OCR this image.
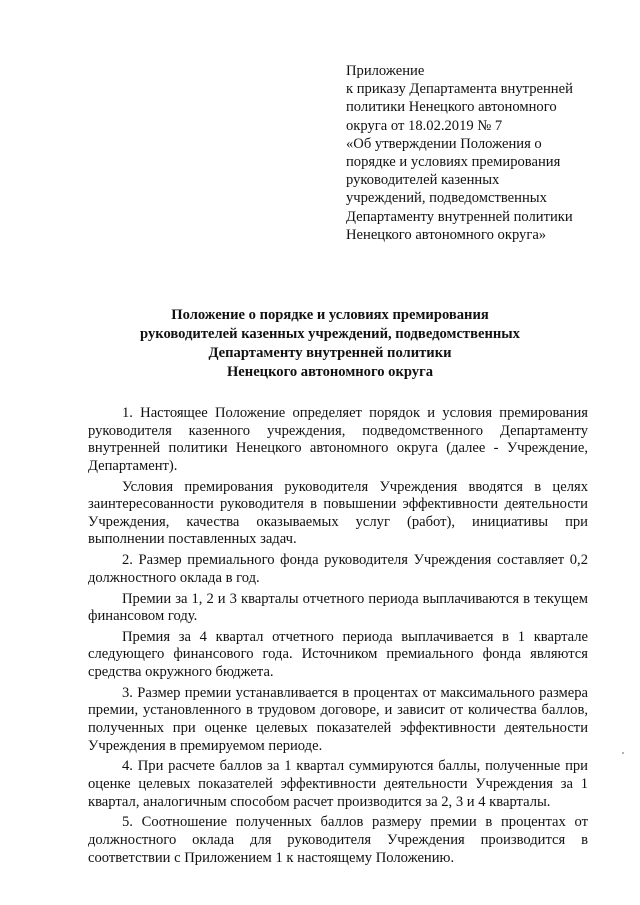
Приложение
к приказу Департамента внутренней
политики Ненецкого автономного
округа от 18.02.2019 № 7
«Об утверждении Положения о
порядке и условиях премирования
руководителей казенных
учреждений, подведомственных
Департаменту внутренней политики
Ненецкого автономного округа»
Положение о порядке и условиях премирования
руководителей казенных учреждений, подведомственных
Департаменту внутренней политики
Ненецкого автономного округа

1. Настоящее Положение определяет порядок и условия премирования руководителя казенного учреждения, подведомственного Департаменту внутренней политики Ненецкого автономного округа (далее - Учреждение, Департамент).

Условия премирования руководителя Учреждения вводятся в целях заинтересованности руководителя в повышении эффективности деятельности Учреждения, качества оказываемых услуг (работ), инициативы при выполнении поставленных задач.

2. Размер премиального фонда руководителя Учреждения составляет 0,2 должностного оклада в год.

Премии за 1, 2 и 3 кварталы отчетного периода выплачиваются в текущем финансовом году.

Премия за 4 квартал отчетного периода выплачивается в 1 квартале следующего финансового года. Источником премиального фонда являются средства окружного бюджета.

3. Размер премии устанавливается в процентах от максимального размера премии, установленного в трудовом договоре, и зависит от количества баллов, полученных при оценке целевых показателей эффективности деятельности Учреждения в премируемом периоде.

4. При расчете баллов за 1 квартал суммируются баллы, полученные при оценке целевых показателей эффективности деятельности Учреждения за 1 квартал, аналогичным способом расчет производится за 2, 3 и 4 кварталы.

5. Соотношение полученных баллов размеру премии в процентах от должностного оклада для руководителя Учреждения производится в соответствии с Приложением 1 к настоящему Положению.
